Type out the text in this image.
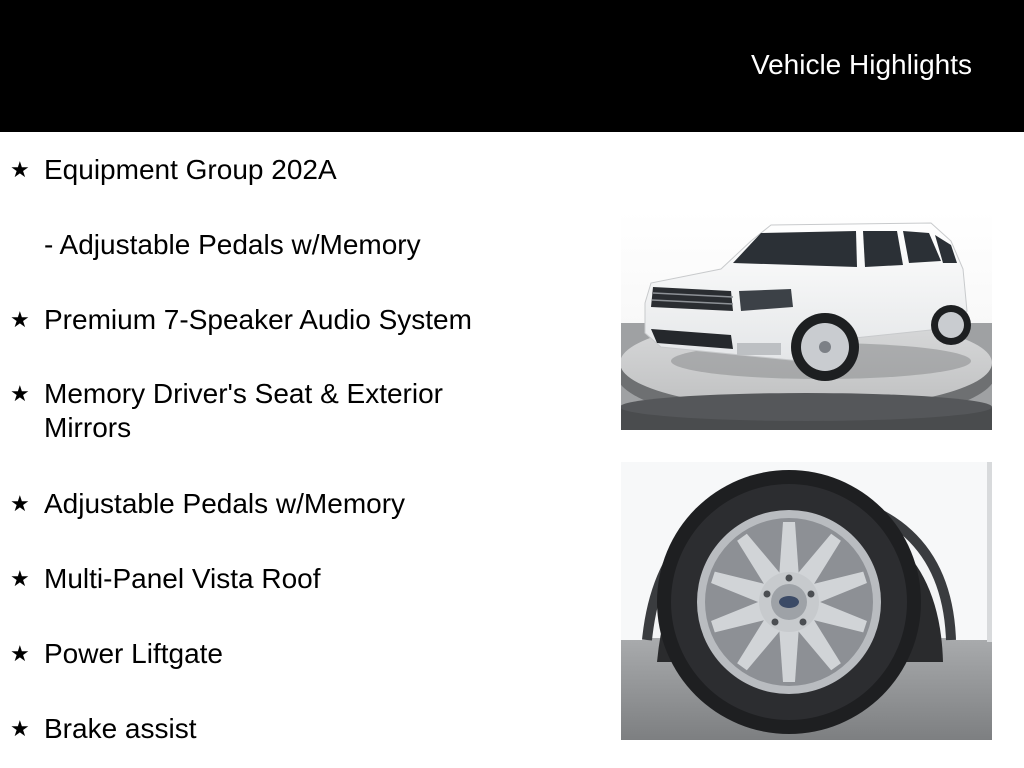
Vehicle Highlights
★ Equipment Group 202A
- Adjustable Pedals w/Memory
★ Premium 7-Speaker Audio System
★ Memory Driver's Seat & Exterior Mirrors
★ Adjustable Pedals w/Memory
★ Multi-Panel Vista Roof
★ Power Liftgate
★ Brake assist
